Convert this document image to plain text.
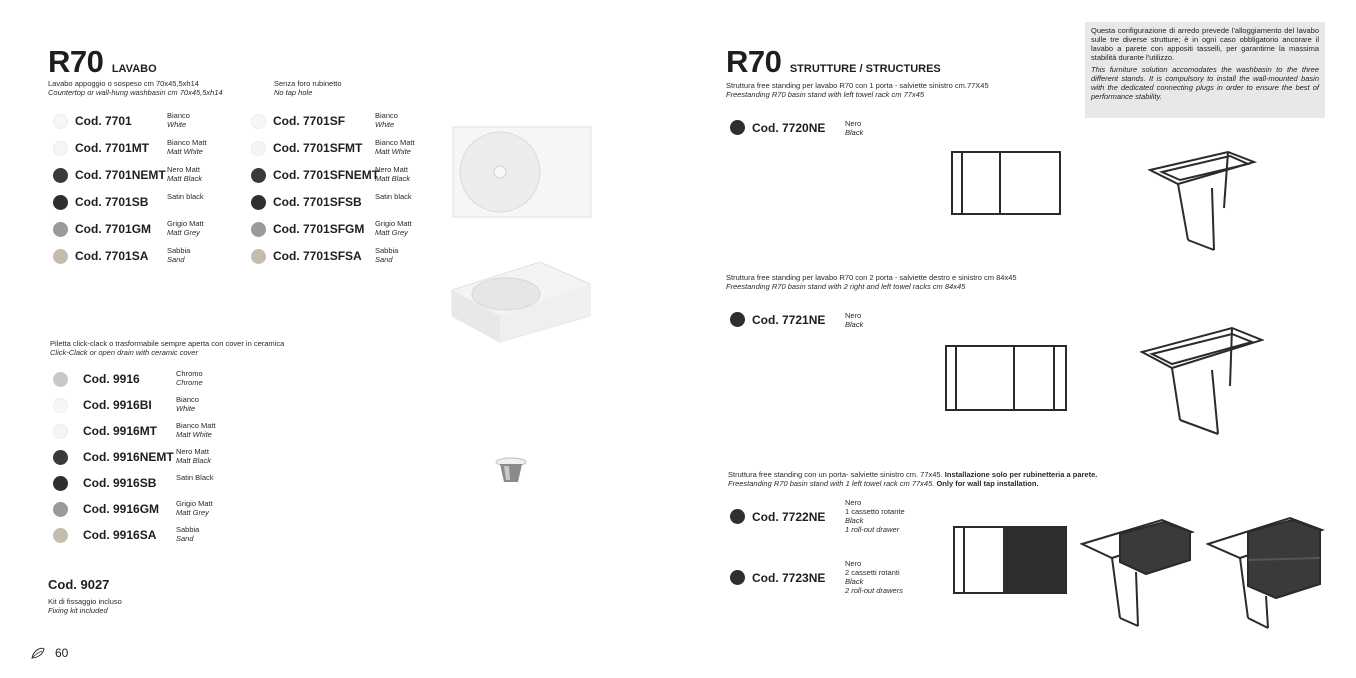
R70 LAVABO
Lavabo appoggio o sospeso cm 70x45,5xh14
Countertop or wall-hung washbasin cm 70x45,5xh14
Senza foro rubinetto
No tap hole
Cod. 7701	Bianco
White
Cod. 7701MT Bianco Matt
Matt White
Cod. 7701NEMT Nero Matt
Matt Black
Cod. 7701SB Satin black
Cod. 7701GM Grigio Matt
Matt Grey
Cod. 7701SA Sabbia
Sand
Cod. 7701SF	Bianco
White
Cod. 7701SFMT Bianco Matt
Matt White
Cod. 7701SFNEMT
Nero Matt
Matt Black
Cod. 7701SFSB Satin black
Cod. 7701SFGM Grigio Matt
Matt Grey
Cod. 7701SFSA Sabbia
Sand
Piletta click-clack o trasformabile sempre aperta con cover in ceramica
Click-Clack or open drain with ceramic cover
Cod. 9916	Chromo
Chrome
Cod. 9916BI	Bianco
White
Cod. 9916MT	Bianco Matt
Matt White
Cod. 9916NEMT Nero Matt
Matt Black
Cod. 9916SB	Satin Black
Cod. 9916GM Grigio Matt
Matt Grey
Cod. 9916SA	Sabbia
Sand
Cod. 9027
Kit di fissaggio incluso
Fixing kit included
60
R70 STRUTTURE / STRUCTURES

Questa configurazione di arredo prevede l'alloggiamento del lavabo sulle tre diverse strutture; è in ogni caso obbligatorio ancorare il lavabo a parete con appositi tasselli, per garantirne la massima stabilità durante l'utilizzo.

This furniture solution accomodates the washbasin to the three different stands. It is compulsory to install the wall-mounted basin with the dedicated connecting plugs in order to ensure the best of performance stability.

Struttura free standing per lavabo R70 con 1 porta - salviette sinistro cm.77X45
Freestanding R70 basin stand with left towel rack cm 77x45
Cod. 7720NE	Nero
Black
Struttura free standing per lavabo R70 con 2 porta - salviette destro e sinistro cm 84x45
Freestanding R70 basin stand with 2 right and left towel racks cm 84x45
Cod. 7721NE	Nero
Black
Struttura free standing con un porta- salviette sinistro cm. 77x45. Installazione solo per rubinetteria a parete.
Freestanding R70 basin stand with 1 left towel rack cm 77x45. Only for wall tap installation.
Cod. 7722NE
Nero
1 cassetto rotante
Black
1 roll-out drawer
Cod. 7723NE
Nero
2 cassetti rotanti
Black
2 roll-out drawers
